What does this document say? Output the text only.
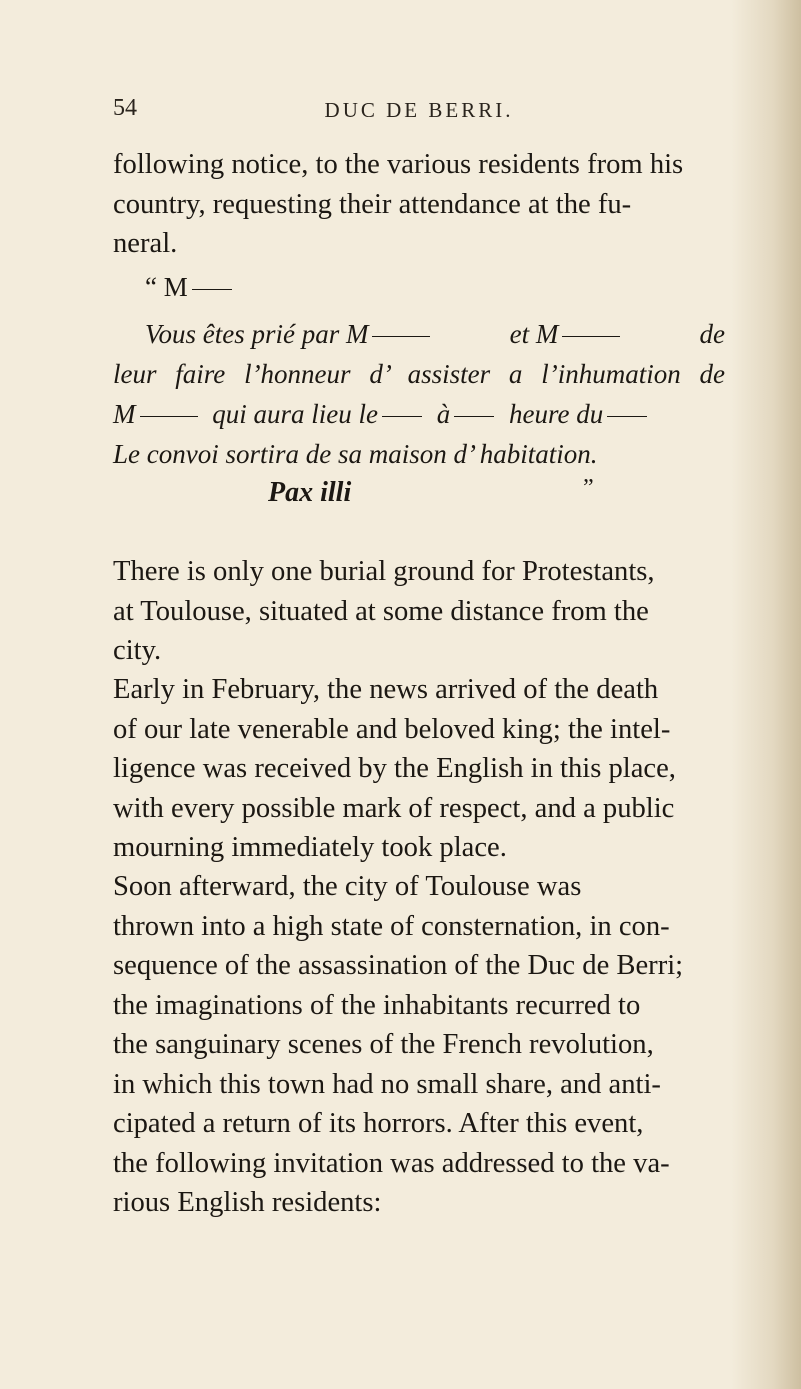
54	DUC DE BERRI.

following notice, to the various residents from his
country, requesting their attendance at the fu-
neral.

“ M
Vous êtes prié par M	et M	de
leur faire l’honneur d’ assister a l’inhumation de
M	qui aura lieu le à heure du
Le convoi sortira de sa maison d’ habitation.
Pax illi	”

There is only one burial ground for Protestants,
at Toulouse, situated at some distance from the
city.

Early in February, the news arrived of the death
of our late venerable and beloved king; the intel-
ligence was received by the English in this place,
with every possible mark of respect, and a public
mourning immediately took place.

Soon afterward, the city of Toulouse was
thrown into a high state of consternation, in con-
sequence of the assassination of the Duc de Berri;
the imaginations of the inhabitants recurred to
the sanguinary scenes of the French revolution,
in which this town had no small share, and anti-
cipated a return of its horrors. After this event,
the following invitation was addressed to the va-
rious English residents:
